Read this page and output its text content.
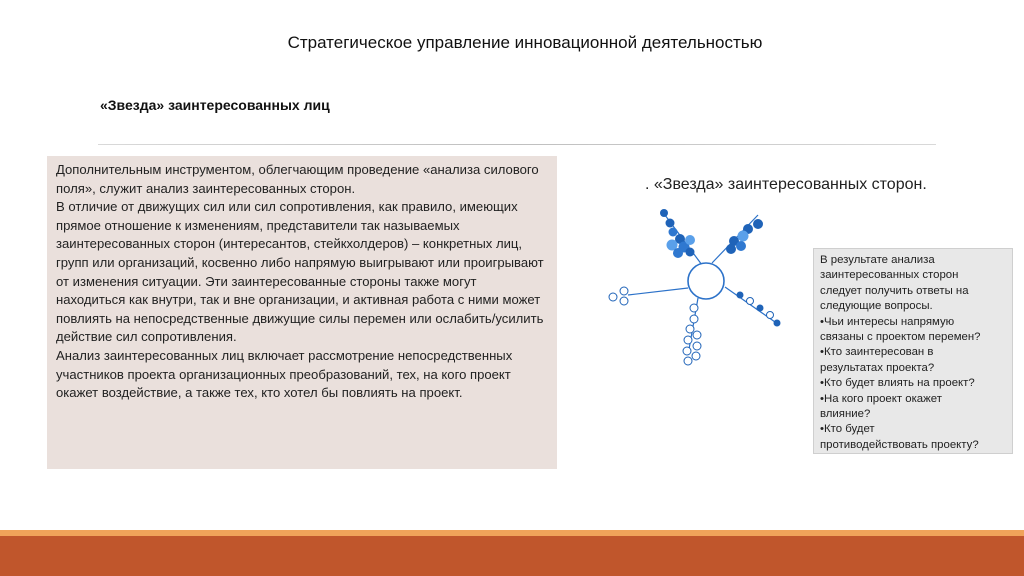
Стратегическое управление инновационной деятельностью
«Звезда» заинтересованных лиц

Дополнительным инструментом, облегчающим проведение «анализа силового поля», служит анализ заинтересованных сторон.

В отличие от движущих сил или сил сопротивления, как правило, имеющих прямое отношение к изменениям, представители так называемых заинтересованных сторон (интересантов, стейкхолдеров) – конкретных лиц, групп или организаций, косвенно либо напрямую выигрывают или проигрывают от изменения ситуации. Эти заинтересованные стороны также могут находиться как внутри, так и вне организации, и активная работа с ними может повлиять на непосредственные движущие силы перемен или ослабить/усилить действие сил сопротивления.

Анализ заинтересованных лиц включает рассмотрение непосредственных участников проекта организационных преобразований, тех, на кого проект окажет воздействие, а также тех, кто хотел бы повлиять на проект.

. «Звезда» заинтересованных сторон.
В результате анализа
заинтересованных сторон
следует получить ответы на
следующие вопросы.
•Чьи интересы напрямую
связаны с проектом перемен?
•Кто заинтересован в
результатах проекта?
•Кто будет влиять на проект?
•На кого проект окажет
влияние?
•Кто будет
противодействовать проекту?
